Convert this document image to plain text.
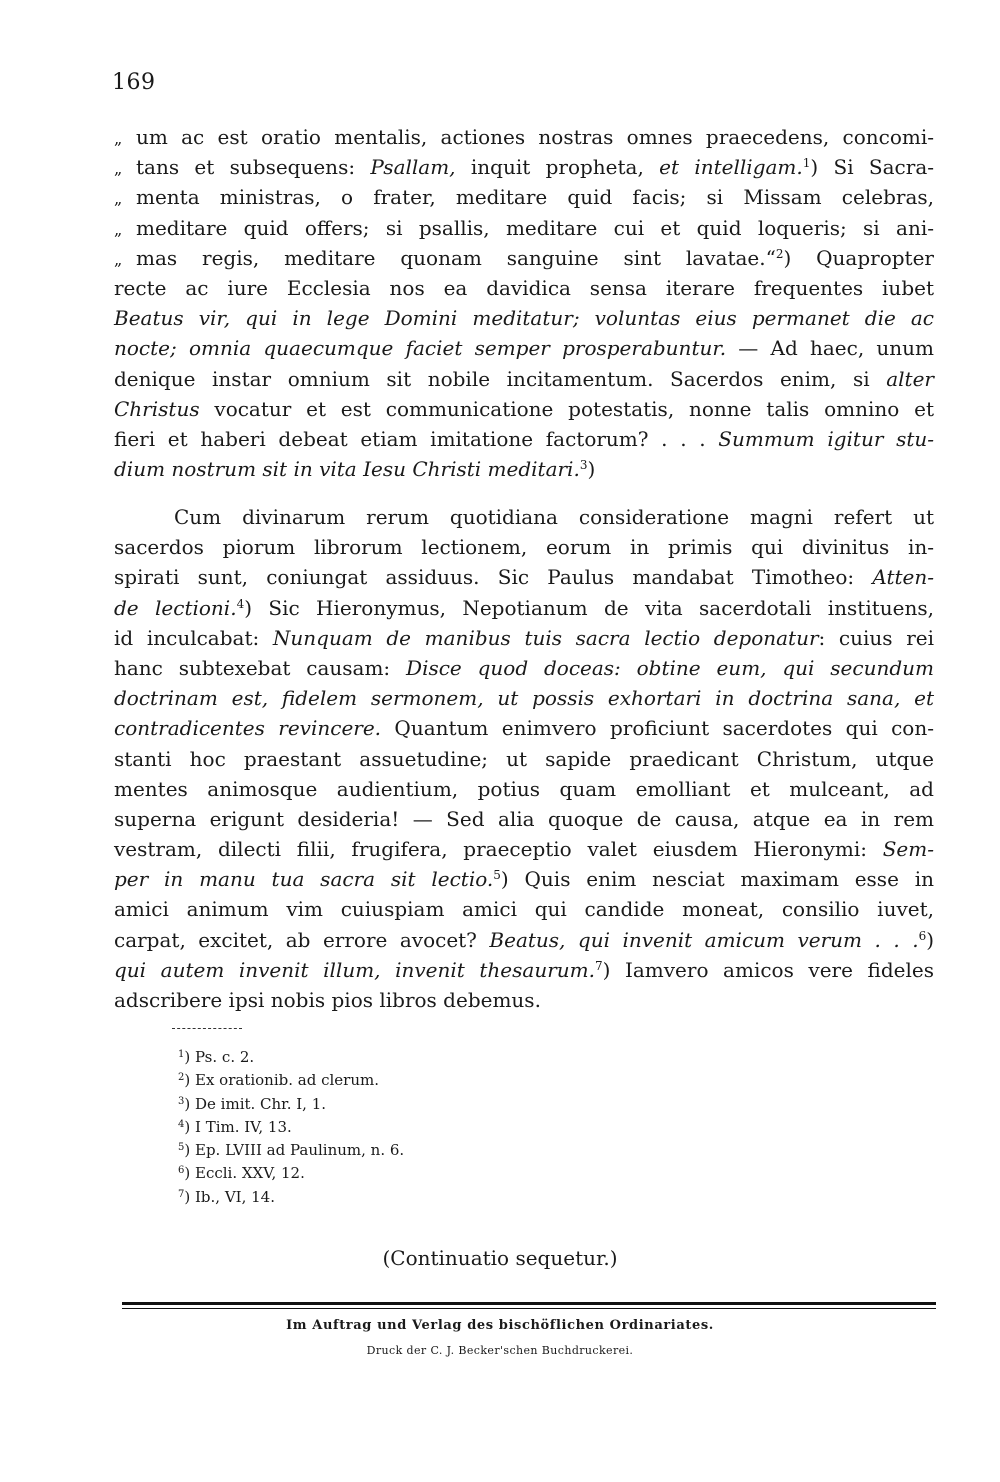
169
„ um ac est oratio mentalis, actiones nostras omnes praecedens, concomi-
„ tans et subsequens: Psallam, inquit propheta, et intelligam.$^1$) Si Sacra-
„ menta ministras, o frater, meditare quid facis; si Missam celebras,
„ meditare quid offers; si psallis, meditare cui et quid loqueris; si ani-
„ mas regis, meditare quonam sanguine sint lavatae.“$^2$) Quapropter
recte ac iure Ecclesia nos ea davidica sensa iterare frequentes iubet
Beatus vir, qui in lege Domini meditatur; voluntas eius permanet die ac
nocte; omnia quaecumque faciet semper prosperabuntur. — Ad haec, unum
denique instar omnium sit nobile incitamentum. Sacerdos enim, si alter
Christus vocatur et est communicatione potestatis, nonne talis omnino et
fieri et haberi debeat etiam imitatione factorum? . . . Summum igitur stu-
dium nostrum sit in vita Iesu Christi meditari.$^3$)
Cum divinarum rerum quotidiana consideratione magni refert ut
sacerdos piorum librorum lectionem, eorum in primis qui divinitus in-
spirati sunt, coniungat assiduus. Sic Paulus mandabat Timotheo: Atten-
de lectioni.$^4$) Sic Hieronymus, Nepotianum de vita sacerdotali instituens,
id inculcabat: Nunquam de manibus tuis sacra lectio deponatur: cuius rei
hanc subtexebat causam: Disce quod doceas: obtine eum, qui secundum
doctrinam est, fidelem sermonem, ut possis exhortari in doctrina sana, et
contradicentes revincere. Quantum enimvero proficiunt sacerdotes qui con-
stanti hoc praestant assuetudine; ut sapide praedicant Christum, utque
mentes animosque audientium, potius quam emolliant et mulceant, ad
superna erigunt desideria! — Sed alia quoque de causa, atque ea in rem
vestram, dilecti filii, frugifera, praeceptio valet eiusdem Hieronymi: Sem-
per in manu tua sacra sit lectio.$^5$) Quis enim nesciat maximam esse in
amici animum vim cuiuspiam amici qui candide moneat, consilio iuvet,
carpat, excitet, ab errore avocet? Beatus, qui invenit amicum verum . . .$^6$)
qui autem invenit illum, invenit thesaurum.$^7$) Iamvero amicos vere fideles
adscribere ipsi nobis pios libros debemus.
$^1$) Ps. c. 2.
$^2$) Ex orationib. ad clerum.
$^3$) De imit. Chr. I, 1.
$^4$) I Tim. IV, 13.
$^5$) Ep. LVIII ad Paulinum, n. 6.
$^6$) Eccli. XXV, 12.
$^7$) Ib., VI, 14.
(Continuatio sequetur.)
Im Auftrag und Verlag des bischöflichen Ordinariates.
Druck der C. J. Becker'schen Buchdruckerei.
